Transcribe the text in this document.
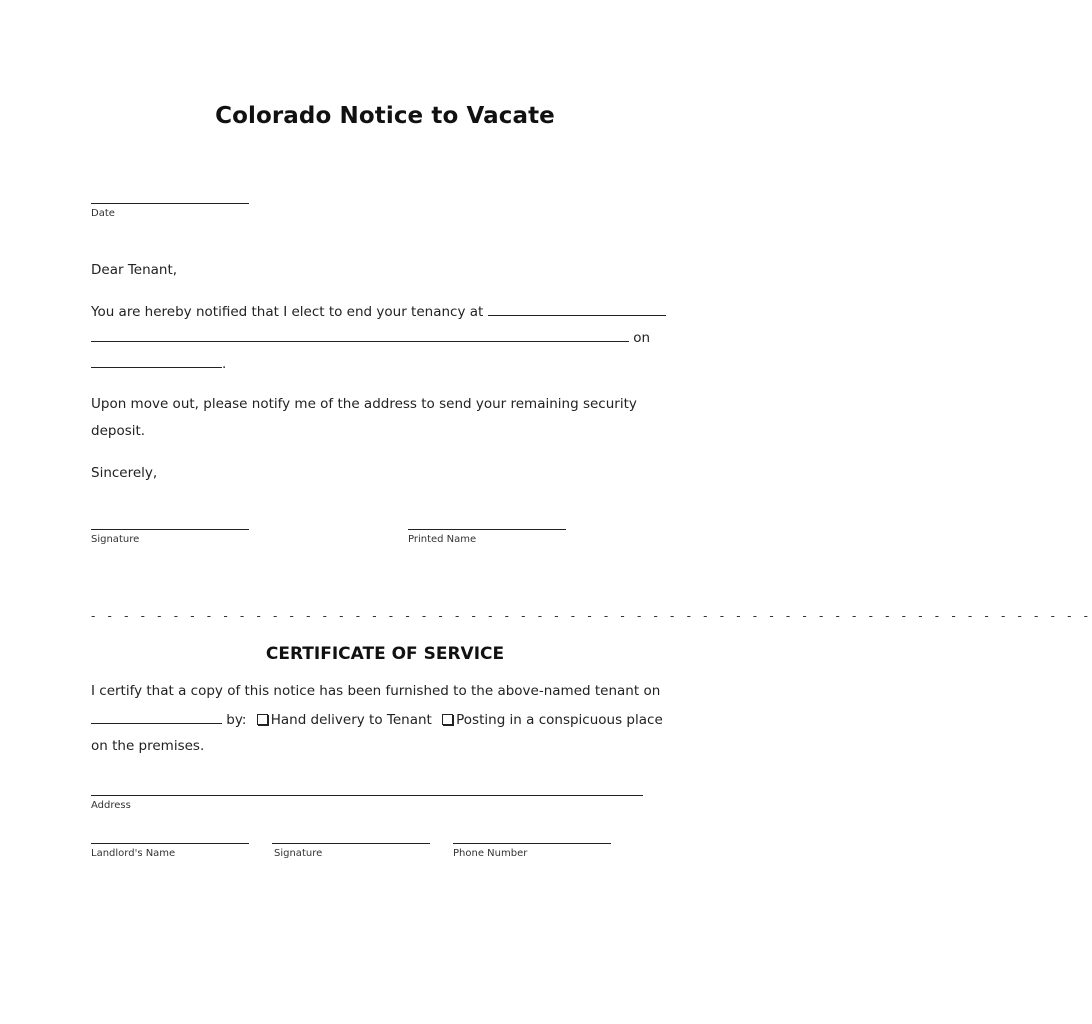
Colorado Notice to Vacate
Date
Dear Tenant,
You are hereby notified that I elect to end your tenancy at
on
.
Upon move out, please notify me of the address to send your remaining security deposit.
Sincerely,
Signature	Printed Name
- - - - - - - - - - - - - - - - - - - - - - - - - - - - - - - - - - - - - - - - - - - - - - - - - - - - - - - - - - - - -
CERTIFICATE OF SERVICE
I certify that a copy of this notice has been furnished to the above-named tenant on
by: Hand delivery to Tenant Posting in a conspicuous place
on the premises.
Address
Landlord's Name	Signature	Phone Number
